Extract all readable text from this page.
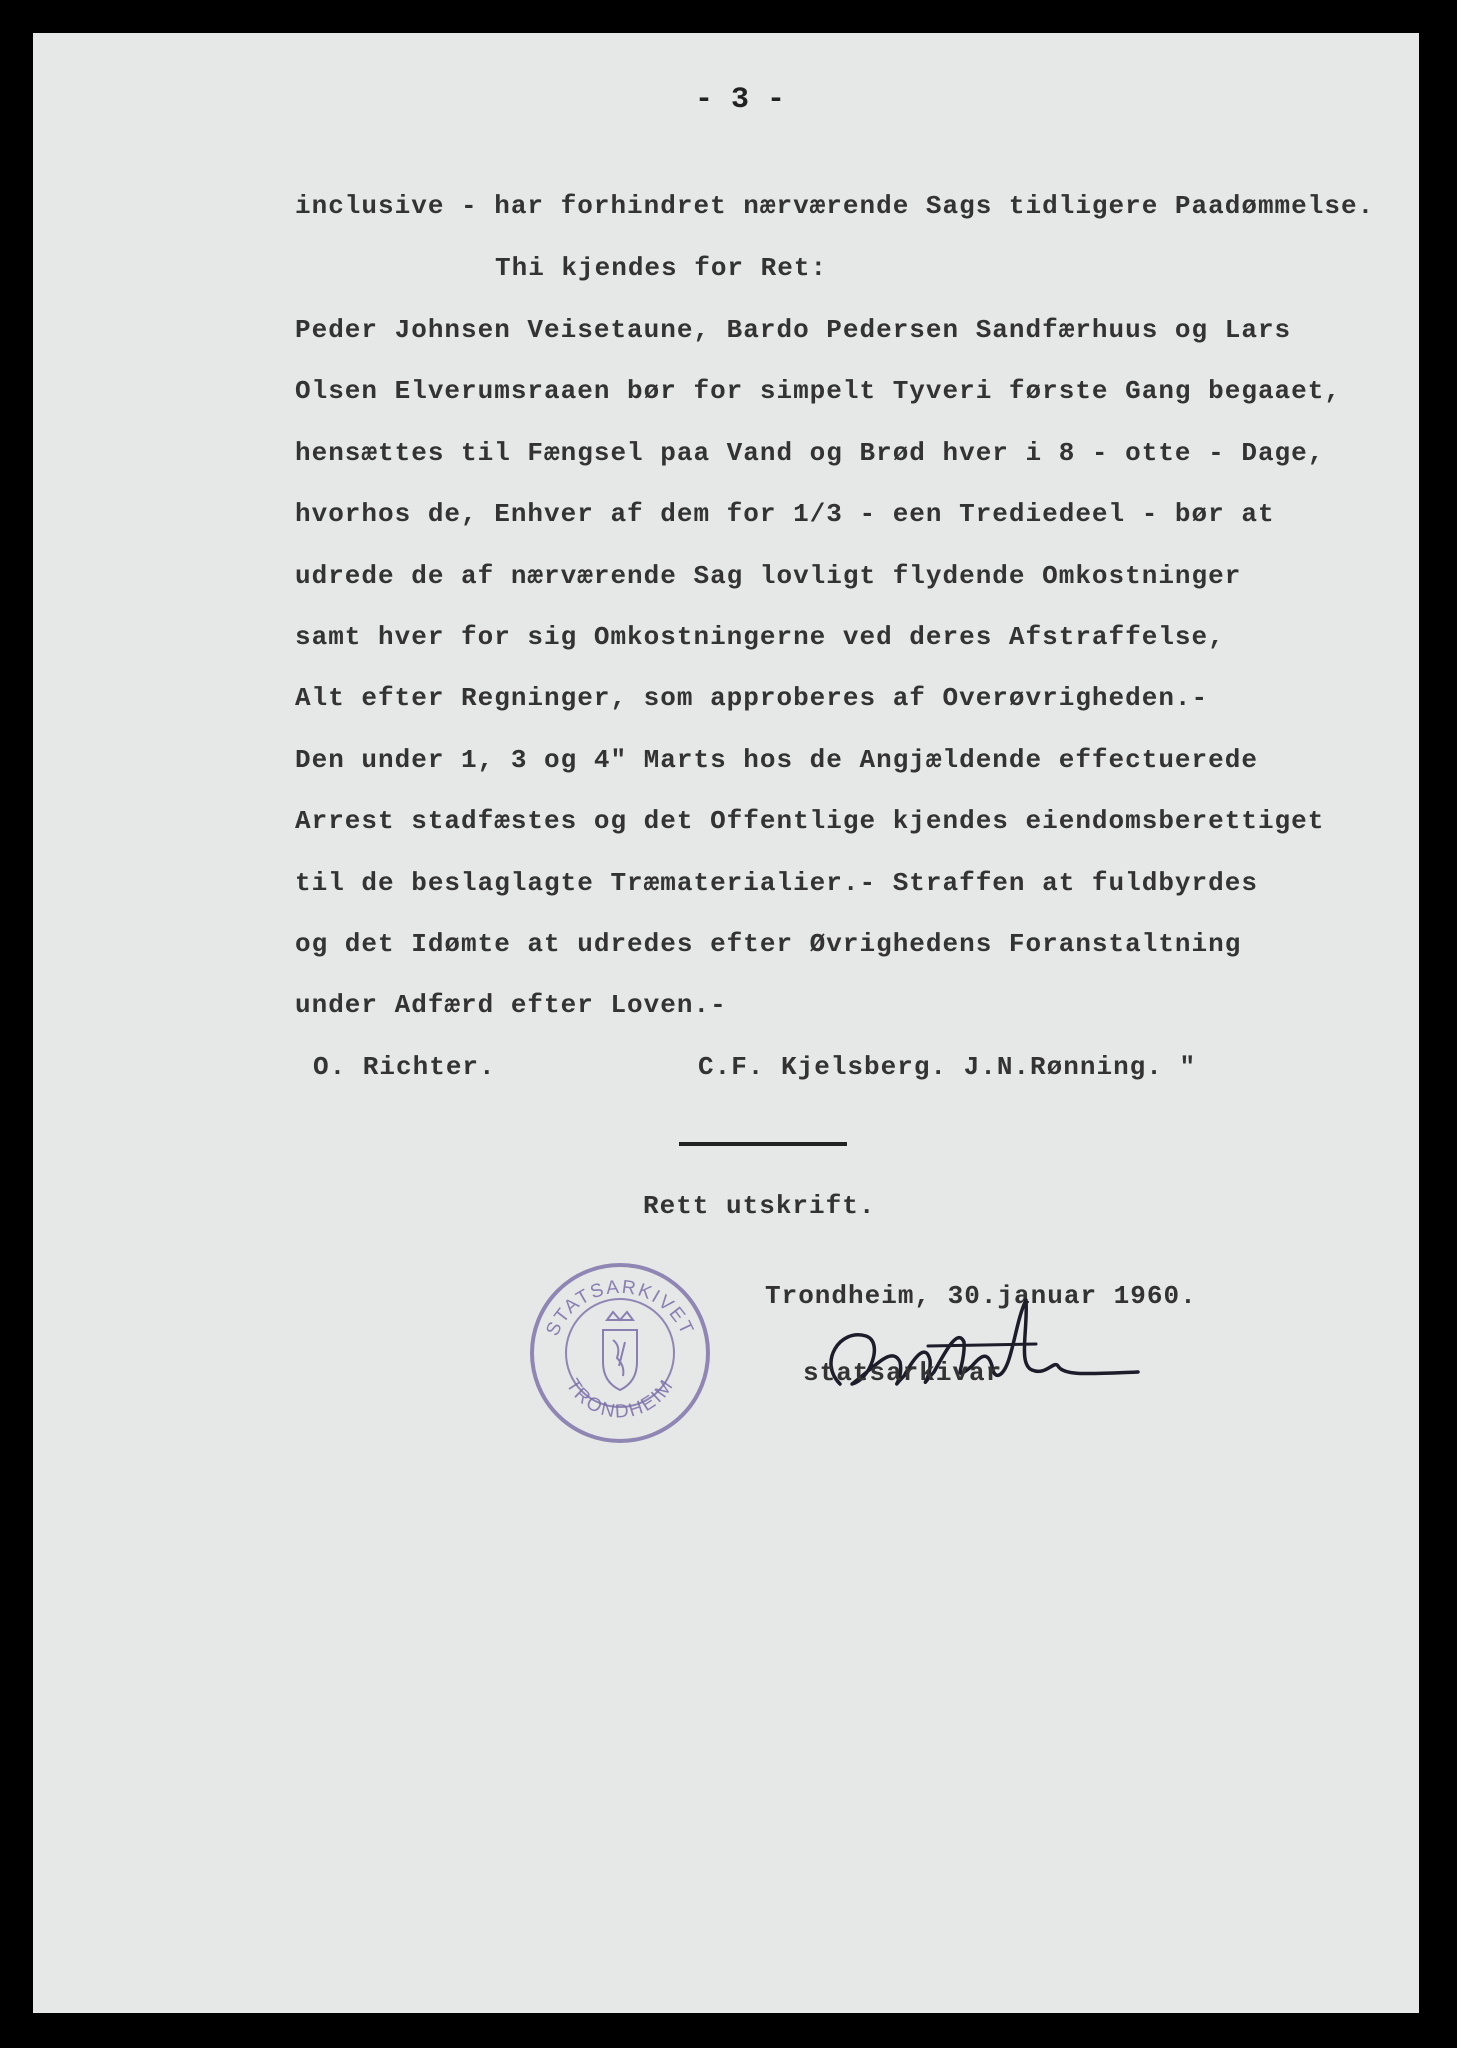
- 3 -
inclusive - har forhindret nærværende Sags tidligere Paadømmelse.
Thi kjendes for Ret:
Peder Johnsen Veisetaune, Bardo Pedersen Sandfærhuus og Lars
Olsen Elverumsraaen bør for simpelt Tyveri første Gang begaaet,
hensættes til Fængsel paa Vand og Brød hver i 8 - otte - Dage,
hvorhos de, Enhver af dem for 1/3 - een Trediedeel - bør at
udrede de af nærværende Sag lovligt flydende Omkostninger
samt hver for sig Omkostningerne ved deres Afstraffelse,
Alt efter Regninger, som approberes af Overøvrigheden.-
Den under 1, 3 og 4" Marts hos de Angjældende effectuerede
Arrest stadfæstes og det Offentlige kjendes eiendomsberettiget
til de beslaglagte Træmaterialier.- Straffen at fuldbyrdes
og det Idømte at udredes efter Øvrighedens Foranstaltning
under Adfærd efter Loven.-
O. Richter.	C.F. Kjelsberg. J.N.Rønning. "
Rett utskrift.
Trondheim, 30.januar 1960.
STATSARKIVET
TRONDHEIM
statsarkivar
